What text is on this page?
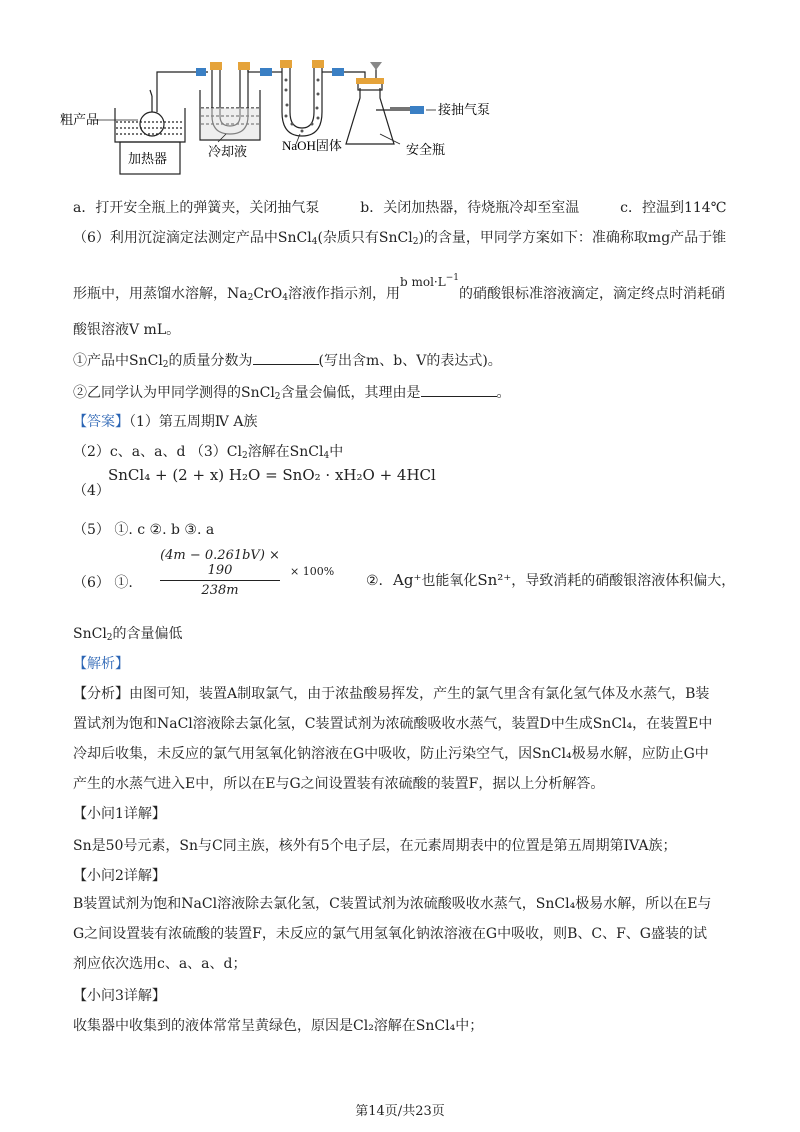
粗产品
加热器	冷却液	NaOH固体
接抽气泵
安全瓶
a．打开安全瓶上的弹簧夹，关闭抽气泵	b．关闭加热器，待烧瓶冷却至室温	c．控温到114℃
（6）利用沉淀滴定法测定产品中SnCl$_4$(杂质只有SnCl$_2$)的含量，甲同学方案如下：准确称取mg产品于锥
形瓶中，用蒸馏水溶解，$Na_2CrO_4$溶液作指示剂，用b $mol\cdot L^{-1}$的硝酸银标准溶液滴定，滴定终点时消耗硝
酸银溶液V mL。
①产品中SnCl$_2$的质量分数为	(写出含m、b、V的表达式)。
②乙同学认为甲同学测得的SnCl$_2$含量会偏低，其理由是	。
【答案】（1）第五周期Ⅳ A族
（2）c、a、a、d $(3)Cl_2$溶解在SnCl$_4$中
（4）
SnCl₄ + (2 + x) H₂O = SnO₂ · xH₂O + 4HCl
（5） ①. c ②. b ③. a
（6） ①.
(4m − 0.261bV) × 190
238m
× 100%
②. Ag⁺也能氧化Sn²⁺，导致消耗的硝酸银溶液体积偏大，
SnCl$_2$的含量偏低
【解析】
【分析】由图可知，装置A制取氯气，由于浓盐酸易挥发，产生的氯气里含有氯化氢气体及水蒸气，B装
置试剂为饱和NaCl溶液除去氯化氢，C装置试剂为浓硫酸吸收水蒸气，装置D中生成SnCl₄，在装置E中
冷却后收集，未反应的氯气用氢氧化钠溶液在G中吸收，防止污染空气，因SnCl₄极易水解，应防止G中
产生的水蒸气进入E中，所以在E与G之间设置装有浓硫酸的装置F，据以上分析解答。
【小问1详解】
Sn是50号元素，Sn与C同主族，核外有5个电子层，在元素周期表中的位置是第五周期第IVA族；
【小问2详解】
B装置试剂为饱和NaCl溶液除去氯化氢，C装置试剂为浓硫酸吸收水蒸气，SnCl₄极易水解，所以在E与
G之间设置装有浓硫酸的装置F，未反应的氯气用氢氧化钠浓溶液在G中吸收，则B、C、F、G盛装的试
剂应依次选用c、a、a、d；
【小问3详解】
收集器中收集到的液体常常呈黄绿色，原因是Cl₂溶解在SnCl₄中；
第14页/共23页
